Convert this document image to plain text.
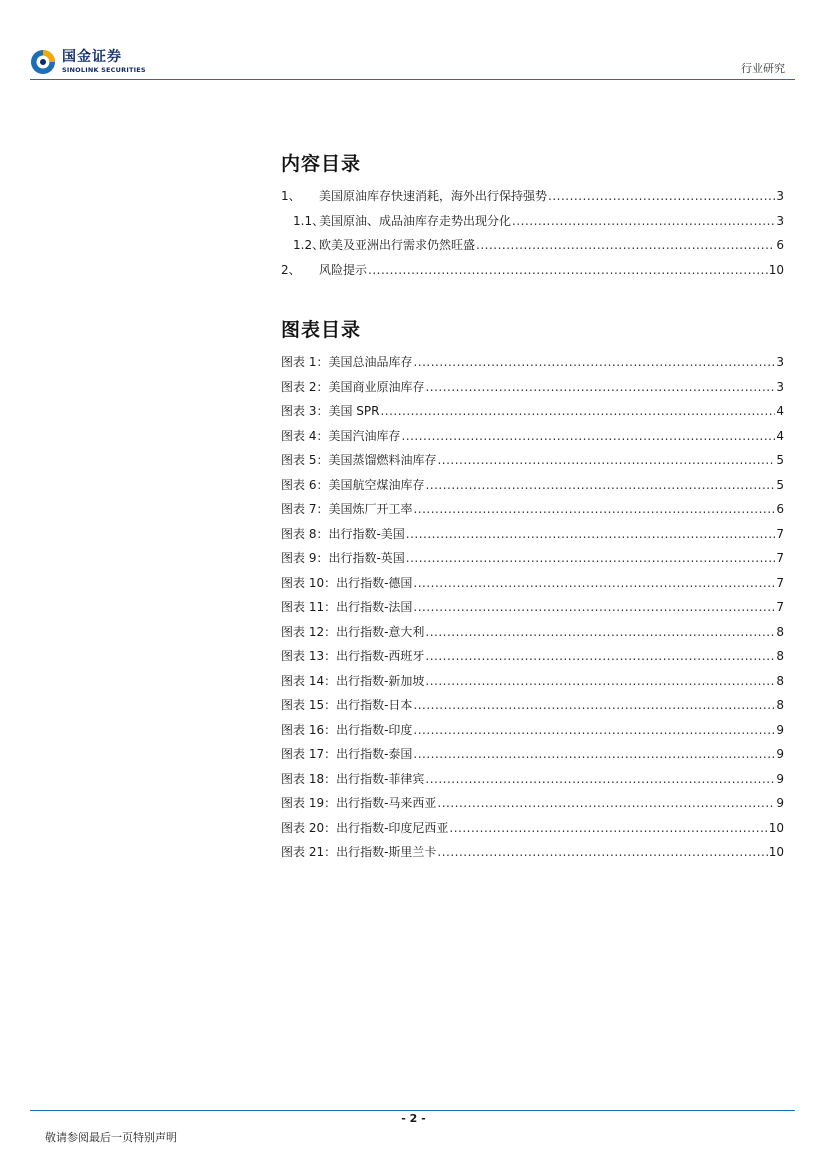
国金证券
SINOLINK SECURITIES	行业研究
内容目录
1、 美国原油库存快速消耗，海外出行保持强势 .....	3
1.1、美国原油、成品油库存走势出现分化 .....	3
1.2、欧美及亚洲出行需求仍然旺盛 .....	6
2、 风险提示 .....	10
图表目录
图表 1：美国总油品库存 .....	3
图表 2：美国商业原油库存 .....	3
图表 3：美国 SPR .....	4
图表 4：美国汽油库存 .....	4
图表 5：美国蒸馏燃料油库存 .....	5
图表 6：美国航空煤油库存 .....	5
图表 7：美国炼厂开工率 .....	6
图表 8：出行指数-美国 .....	7
图表 9：出行指数-英国 .....	7
图表 10：出行指数-德国 .....	7
图表 11：出行指数-法国 .....	7
图表 12：出行指数-意大利 .....	8
图表 13：出行指数-西班牙 .....	8
图表 14：出行指数-新加坡 .....	8
图表 15：出行指数-日本 .....	8
图表 16：出行指数-印度 .....	9
图表 17：出行指数-泰国 .....	9
图表 18：出行指数-菲律宾 .....	9
图表 19：出行指数-马来西亚 .....	9
图表 20：出行指数-印度尼西亚 .....	10
图表 21：出行指数-斯里兰卡 .....	10
- 2 -
敬请参阅最后一页特别声明
